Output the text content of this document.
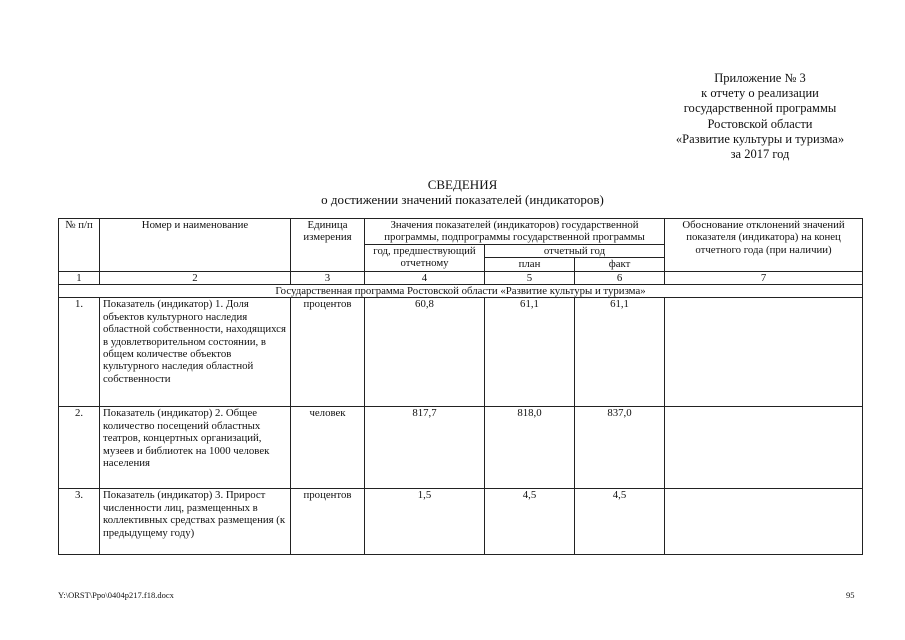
Приложение № 3
к отчету о реализации
государственной программы
Ростовской области
«Развитие культуры и туризма»
за 2017 год
СВЕДЕНИЯ
о достижении значений показателей (индикаторов)
№ п/п	Номер и наименование	Единица измерения	Значения показателей (индикаторов) государственной программы, подпрограммы государственной программы			Обоснование отклонений значений показателя (индикатора) на конец отчетного года (при наличии)
			год, предшествующий отчетному	отчетный год		
				план	факт	
1	2	3	4	5	6	7
Государственная программа Ростовской области «Развитие культуры и туризма»						
1.	Показатель (индикатор) 1. Доля объектов культурного наследия областной собственности, находящихся в удовлетворительном состоянии, в общем количестве объектов культурного наследия областной собственности	процентов	60,8	61,1	61,1	
2.	Показатель (индикатор) 2. Общее количество посещений областных театров, концертных организаций, музеев и библиотек на 1000 человек населения	человек	817,7	818,0	837,0	
3.	Показатель (индикатор) 3. Прирост численности лиц, размещенных в коллективных средствах размещения (к предыдущему году)	процентов	1,5	4,5	4,5	
Y:\ORST\Ppo\0404p217.f18.docx	95
